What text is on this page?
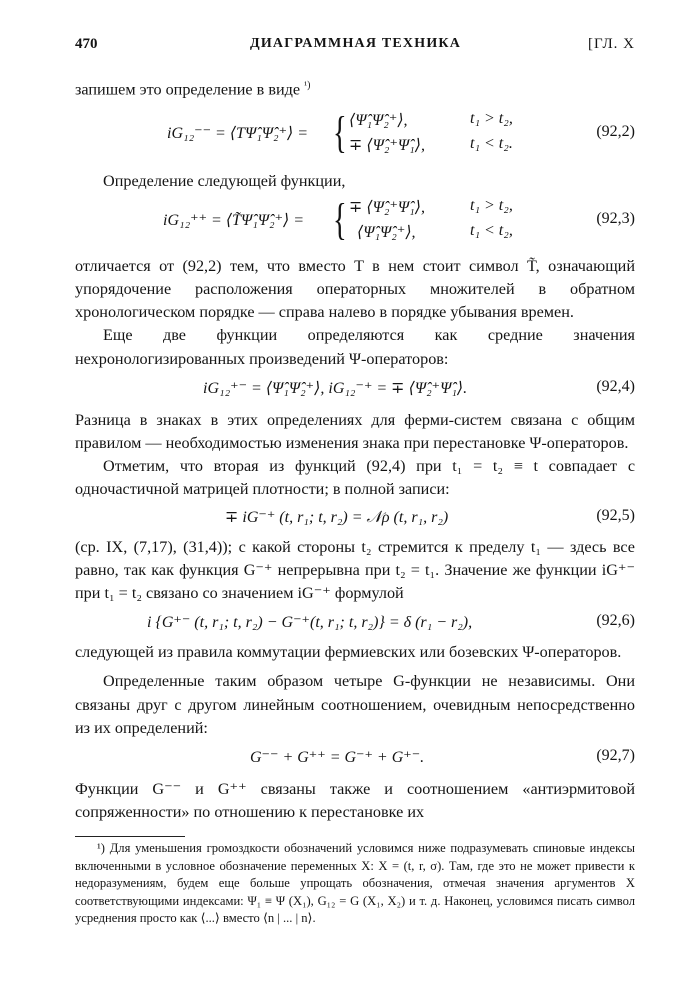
470	ДИАГРАММНАЯ ТЕХНИКА	[ГЛ. X

запишем это определение в виде $^{^1)}$

iG₁₂⁻⁻ = ⟨TΨ̂₁Ψ̂₂⁺⟩ = { ⟨Ψ̂₁Ψ̂₂⁺⟩,	t₁ > t₂,
∓ ⟨Ψ̂₂⁺Ψ̂₁⟩,	t₁ < t₂.
(92,2)

Определение следующей функции,

iG₁₂⁺⁺ = ⟨T̃Ψ̂₁Ψ̂₂⁺⟩ = { ∓ ⟨Ψ̂₂⁺Ψ̂₁⟩,	t₁ > t₂,
⟨Ψ̂₁Ψ̂₂⁺⟩,	t₁ < t₂,
(92,3)

отличается от (92,2) тем, что вместо T в нем стоит символ T̃, означающий упорядочение расположения операторных множителей в обратном хронологическом порядке — справа налево в порядке убывания времен.

Еще две функции определяются как средние значения нехронологизированных произведений Ψ-операторов:

iG₁₂⁺⁻ = ⟨Ψ̂₁Ψ̂₂⁺⟩, iG₁₂⁻⁺ = ∓ ⟨Ψ̂₂⁺Ψ̂₁⟩.	(92,4)

Разница в знаках в этих определениях для ферми-систем связана с общим правилом — необходимостью изменения знака при перестановке Ψ-операторов.

Отметим, что вторая из функций (92,4) при t₁ = t₂ ≡ t совпадает с одночастичной матрицей плотности; в полной записи:

∓ iG⁻⁺ (t, r₁; t, r₂) = 𝒩ρ (t, r₁, r₂)	(92,5)

(ср. IX, (7,17), (31,4)); с какой стороны t₂ стремится к пределу t₁ — здесь все равно, так как функция G⁻⁺ непрерывна при t₂ = t₁. Значение же функции iG⁺⁻ при t₁ = t₂ связано со значением iG⁻⁺ формулой

i {G⁺⁻ (t, r₁; t, r₂) − G⁻⁺(t, r₁; t, r₂)} = δ (r₁ − r₂),	(92,6)

следующей из правила коммутации фермиевских или бозевских Ψ-операторов.

Определенные таким образом четыре G-функции не независимы. Они связаны друг с другом линейным соотношением, очевидным непосредственно из их определений:

G⁻⁻ + G⁺⁺ = G⁻⁺ + G⁺⁻.	(92,7)

Функции G⁻⁻ и G⁺⁺ связаны также и соотношением «антиэрмитовой сопряженности» по отношению к перестановке их

¹) Для уменьшения громоздкости обозначений условимся ниже подразумевать спиновые индексы включенными в условное обозначение переменных X: X = (t, r, σ). Там, где это не может привести к недоразумениям, будем еще больше упрощать обозначения, отмечая значения аргументов X соответствующими индексами: Ψ₁ ≡ Ψ (X₁), G₁₂ = G (X₁, X₂) и т. д. Наконец, условимся писать символ усреднения просто как ⟨...⟩ вместо ⟨n | ... | n⟩.
